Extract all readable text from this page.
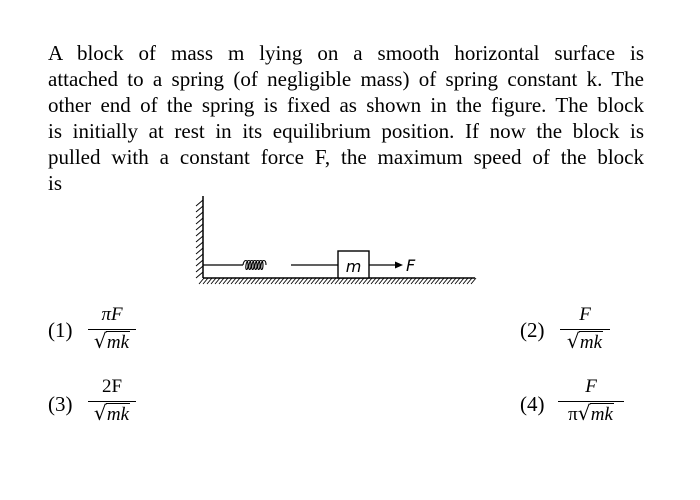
A block of mass m lying on a smooth horizontal surface is
attached to a spring (of negligible mass) of spring constant k. The
other end of the spring is fixed as shown in the figure. The block
is initially at rest in its equilibrium position. If now the block is
pulled with a constant force F, the maximum speed of the block
is
m	F
(1)
πF
√ mk
(2)
F
√ mk
(3)
2F
√ mk	(4)
F
π √ mk
